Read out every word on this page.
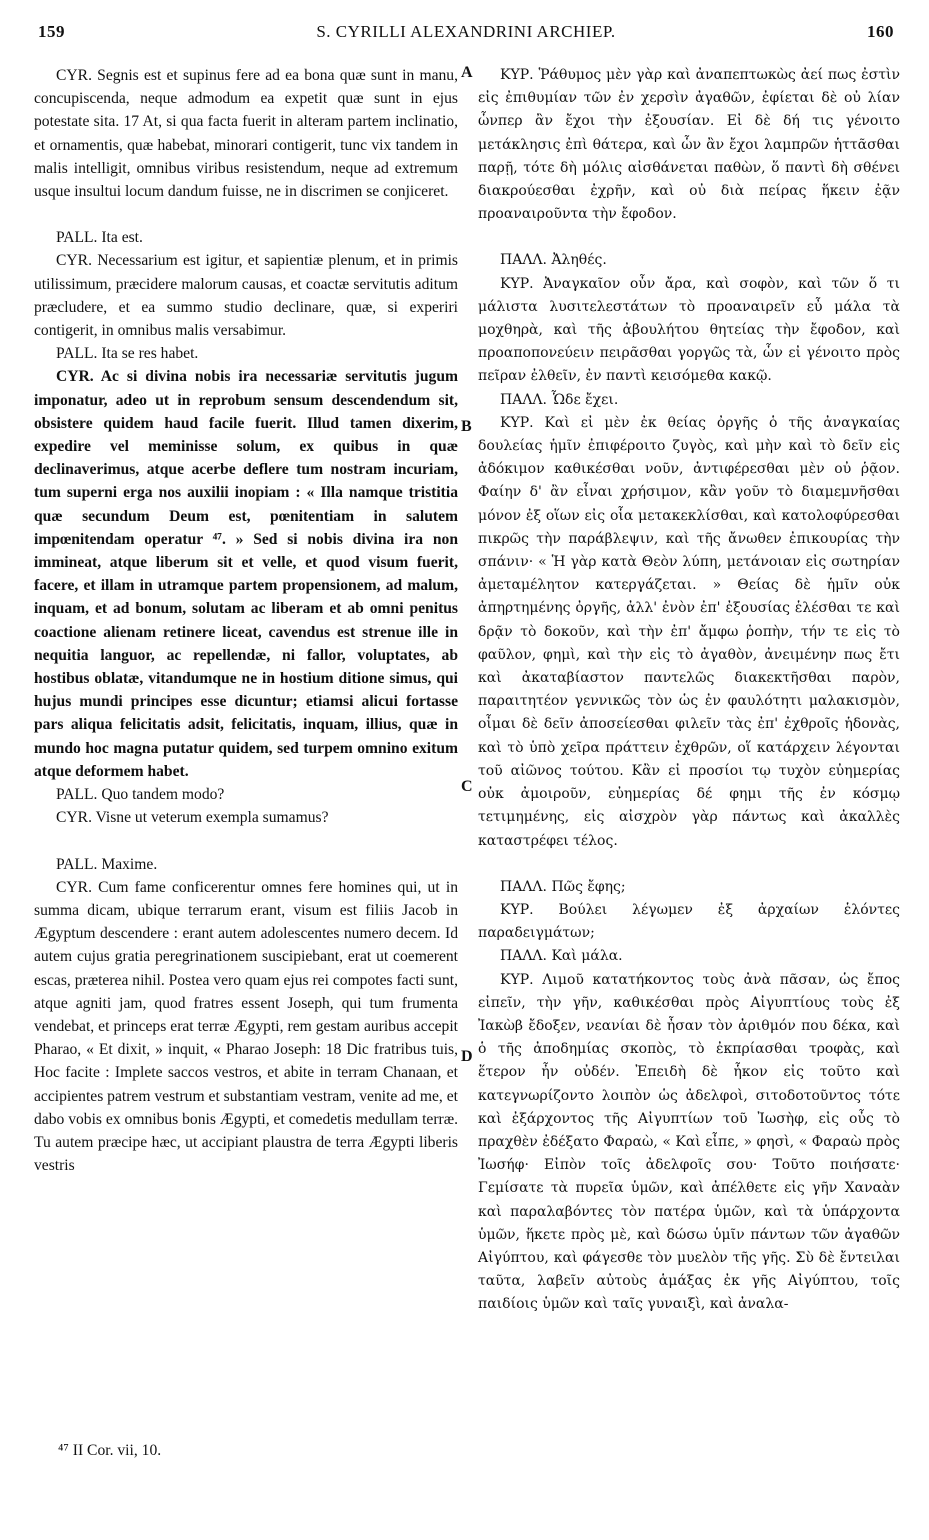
159	S. CYRILLI ALEXANDRINI ARCHIEP.	160

CYR. Segnis est et supinus fere ad ea bona quæ sunt in manu, concupiscenda, neque admodum ea expetit quæ sunt in ejus potestate sita. 17 At, si qua facta fuerit in alteram partem inclinatio, et ornamentis, quæ habebat, minorari contigerit, tunc vix tandem in malis intelligit, omnibus viribus resistendum, neque ad extremum usque insultui locum dandum fuisse, ne in discrimen se conjiceret.

PALL. Ita est.

CYR. Necessarium est igitur, et sapientiæ plenum, et in primis utilissimum, præcidere malorum causas, et coactæ servitutis aditum præcludere, et ea summo studio declinare, quæ, si experiri contigerit, in omnibus malis versabimur.

PALL. Ita se res habet.

CYR. Ac si divina nobis ira necessariæ servitutis jugum imponatur, adeo ut in reprobum sensum descendendum sit, obsistere quidem haud facile fuerit. Illud tamen dixerim, expedire vel meminisse solum, ex quibus in quæ declinaverimus, atque acerbe deflere tum nostram incuriam, tum superni erga nos auxilii inopiam : « Illa namque tristitia quæ secundum Deum est, pœnitentiam in salutem impœnitendam operatur ⁴⁷. » Sed si nobis divina ira non immineat, atque liberum sit et velle, et quod visum fuerit, facere, et illam in utramque partem propensionem, ad malum, inquam, et ad bonum, solutam ac liberam et ab omni penitus coactione alienam retinere liceat, cavendus est strenue ille in nequitia languor, ac repellendæ, ni fallor, voluptates, ab hostibus oblatæ, vitandumque ne in hostium ditione simus, qui hujus mundi principes esse dicuntur; etiamsi alicui fortasse pars aliqua felicitatis adsit, felicitatis, inquam, illius, quæ in mundo hoc magna putatur quidem, sed turpem omnino exitum atque deformem habet.

PALL. Quo tandem modo?

CYR. Visne ut veterum exempla sumamus?

PALL. Maxime.

CYR. Cum fame conficerentur omnes fere homines qui, ut in summa dicam, ubique terrarum erant, visum est filiis Jacob in Ægyptum descendere : erant autem adolescentes numero decem. Id autem cujus gratia peregrinationem suscipiebant, erat ut coemerent escas, præterea nihil. Postea vero quam ejus rei compotes facti sunt, atque agniti jam, quod fratres essent Joseph, qui tum frumenta vendebat, et princeps erat terræ Ægypti, rem gestam auribus accepit Pharao, « Et dixit, » inquit, « Pharao Joseph: 18 Dic fratribus tuis, Hoc facite : Implete saccos vestros, et abite in terram Chanaan, et accipientes patrem vestrum et substantiam vestram, venite ad me, et dabo vobis ex omnibus bonis Ægypti, et comedetis medullam terræ. Tu autem præcipe hæc, ut accipiant plaustra de terra Ægypti liberis vestris

A
B
C
D

ΚΥΡ. Ῥάθυμος μὲν γὰρ καὶ ἀναπεπτωκὼς ἀεί πως ἐστὶν εἰς ἐπιθυμίαν τῶν ἐν χερσὶν ἀγαθῶν, ἐφίεται δὲ οὐ λίαν ὧνπερ ἂν ἔχοι τὴν ἐξουσίαν. Εἰ δὲ δή τις γένοιτο μετάκλησις ἐπὶ θάτερα, καὶ ὧν ἂν ἔχοι λαμπρῶν ἡττᾶσθαι παρῇ, τότε δὴ μόλις αἰσθάνεται παθὼν, ὅ παντὶ δὴ σθένει διακρούεσθαι ἐχρῆν, καὶ οὐ διὰ πείρας ἥκειν ἐᾷν προαναιροῦντα τὴν ἔφοδον.

ΠΑΛΛ. Ἀληθές.

ΚΥΡ. Ἀναγκαῖον οὖν ἄρα, καὶ σοφὸν, καὶ τῶν ὅ τι μάλιστα λυσιτελεστάτων τὸ προαναιρεῖν εὖ μάλα τὰ μοχθηρὰ, καὶ τῆς ἀβουλήτου θητείας τὴν ἔφοδον, καὶ προαποπονεύειν πειρᾶσθαι γοργῶς τὰ, ὧν εἰ γένοιτο πρὸς πεῖραν ἐλθεῖν, ἐν παντὶ κεισόμεθα κακῷ.

ΠΑΛΛ. Ὧδε ἔχει.

ΚΥΡ. Καὶ εἰ μὲν ἐκ θείας ὀργῆς ὁ τῆς ἀναγκαίας δουλείας ἡμῖν ἐπιφέροιτο ζυγὸς, καὶ μὴν καὶ τὸ δεῖν εἰς ἀδόκιμον καθικέσθαι νοῦν, ἀντιφέρεσθαι μὲν οὐ ῥᾷον. Φαίην δ' ἂν εἶναι χρήσιμον, κἂν γοῦν τὸ διαμεμνῆσθαι μόνον ἐξ οἵων εἰς οἷα μετακεκλίσθαι, καὶ κατολοφύρεσθαι πικρῶς τὴν παράβλεψιν, καὶ τῆς ἄνωθεν ἐπικουρίας τὴν σπάνιν· « Ἡ γὰρ κατὰ Θεὸν λύπη, μετάνοιαν εἰς σωτηρίαν ἀμεταμέλητον κατεργάζεται. » Θείας δὲ ἡμῖν οὐκ ἀπηρτημένης ὀργῆς, ἀλλ' ἐνὸν ἐπ' ἐξουσίας ἑλέσθαι τε καὶ δρᾷν τὸ δοκοῦν, καὶ τὴν ἐπ' ἄμφω ῥοπὴν, τήν τε εἰς τὸ φαῦλον, φημὶ, καὶ τὴν εἰς τὸ ἀγαθὸν, ἀνειμένην πως ἔτι καὶ ἀκαταβίαστον παντελῶς διακεκτῆσθαι παρὸν, παραιτητέον γεννικῶς τὸν ὡς ἐν φαυλότητι μαλακισμὸν, οἶμαι δὲ δεῖν ἀποσείεσθαι φιλεῖν τὰς ἐπ' ἐχθροῖς ἡδονὰς, καὶ τὸ ὑπὸ χεῖρα πράττειν ἐχθρῶν, οἵ κατάρχειν λέγονται τοῦ αἰῶνος τούτου. Κἂν εἰ προσίοι τῳ τυχὸν εὐημερίας οὐκ ἀμοιροῦν, εὐημερίας δέ φημι τῆς ἐν κόσμῳ τετιμημένης, εἰς αἰσχρὸν γὰρ πάντως καὶ ἀκαλλὲς καταστρέφει τέλος.

ΠΑΛΛ. Πῶς ἔφης;

ΚΥΡ. Βούλει λέγωμεν ἐξ ἀρχαίων ἑλόντες παραδειγμάτων;

ΠΑΛΛ. Καὶ μάλα.

ΚΥΡ. Λιμοῦ κατατήκοντος τοὺς ἀνὰ πᾶσαν, ὡς ἔπος εἰπεῖν, τὴν γῆν, καθικέσθαι πρὸς Αἰγυπτίους τοὺς ἐξ Ἰακὼβ ἔδοξεν, νεανίαι δὲ ἦσαν τὸν ἀριθμόν που δέκα, καὶ ὁ τῆς ἀποδημίας σκοπὸς, τὸ ἐκπρίασθαι τροφὰς, καὶ ἕτερον ἦν οὐδέν. Ἐπειδὴ δὲ ἧκον εἰς τοῦτο καὶ κατεγνωρίζοντο λοιπὸν ὡς ἀδελφοὶ, σιτοδοτοῦντος τότε καὶ ἐξάρχοντος τῆς Αἰγυπτίων τοῦ Ἰωσὴφ, εἰς οὖς τὸ πραχθὲν ἐδέξατο Φαραὼ, « Καὶ εἶπε, » φησὶ, « Φαραὼ πρὸς Ἰωσήφ· Εἰπὸν τοῖς ἀδελφοῖς σου· Τοῦτο ποιήσατε· Γεμίσατε τὰ πυρεῖα ὑμῶν, καὶ ἀπέλθετε εἰς γῆν Χαναὰν καὶ παραλαβόντες τὸν πατέρα ὑμῶν, καὶ τὰ ὑπάρχοντα ὑμῶν, ἥκετε πρὸς μὲ, καὶ δώσω ὑμῖν πάντων τῶν ἀγαθῶν Αἰγύπτου, καὶ φάγεσθε τὸν μυελὸν τῆς γῆς. Σὺ δὲ ἔντειλαι ταῦτα, λαβεῖν αὐτοὺς ἁμάξας ἐκ γῆς Αἰγύπτου, τοῖς παιδίοις ὑμῶν καὶ ταῖς γυναιξὶ, καὶ ἀναλα-

⁴⁷ II Cor. vii, 10.
